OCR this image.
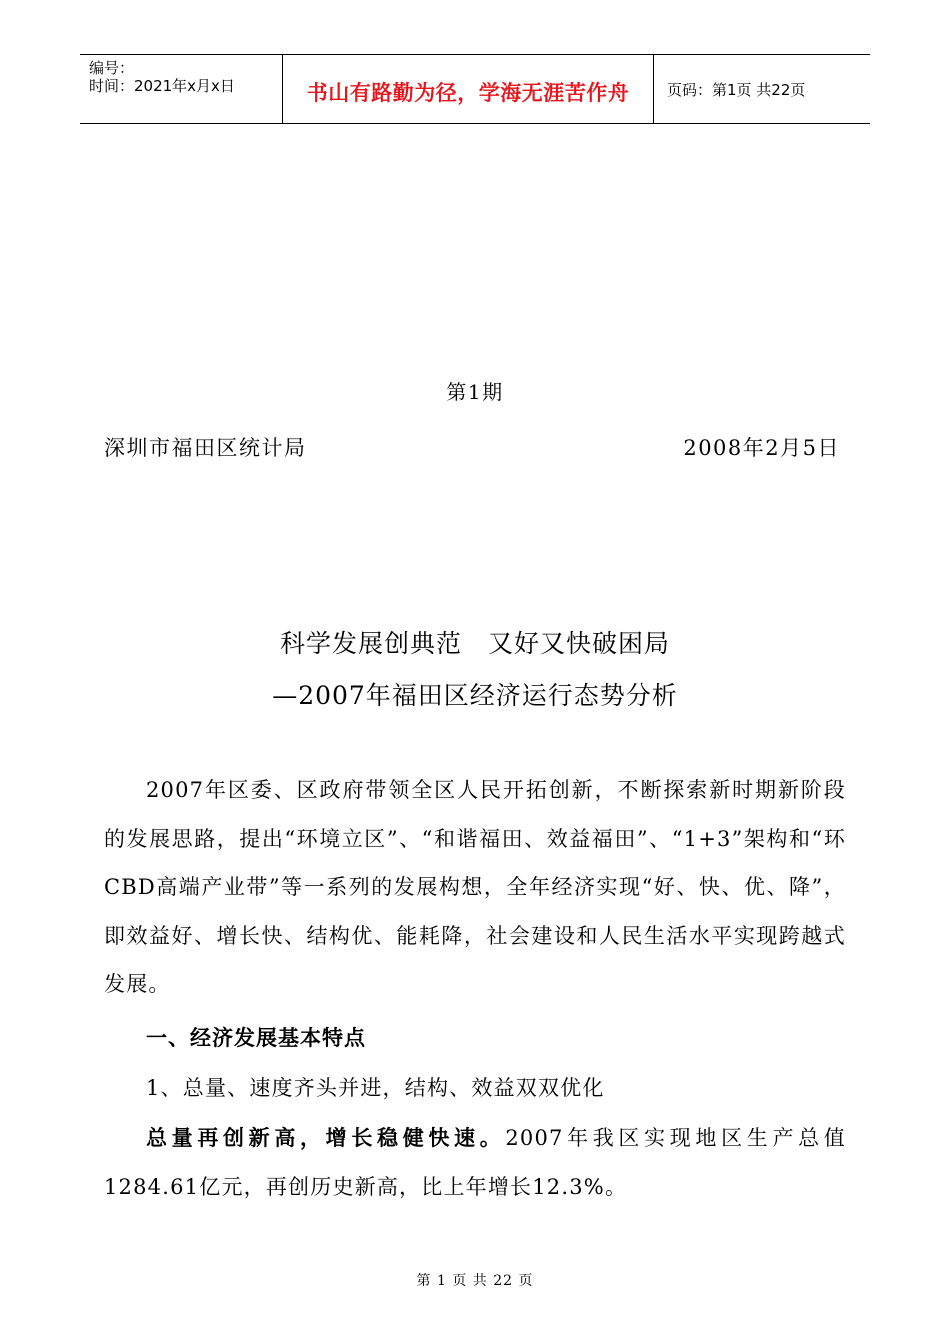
编号：
时间：2021年x月x日	书山有路勤为径，学海无涯苦作舟	页码：第1页 共22页
第1期
深圳市福田区统计局	2008年2月5日
科学发展创典范　又好又快破困局
—2007年福田区经济运行态势分析
2007年区委、区政府带领全区人民开拓创新，不断探索新时期新阶段的发展思路，提出“环境立区”、“和谐福田、效益福田”、“1+3”架构和“环CBD高端产业带”等一系列的发展构想，全年经济实现“好、快、优、降”，即效益好、增长快、结构优、能耗降，社会建设和人民生活水平实现跨越式发展。
一、经济发展基本特点
1、总量、速度齐头并进，结构、效益双双优化
总量再创新高，增长稳健快速。2007年我区实现地区生产总值1284.61亿元，再创历史新高，比上年增长12.3%。
第 1 页 共 22 页
